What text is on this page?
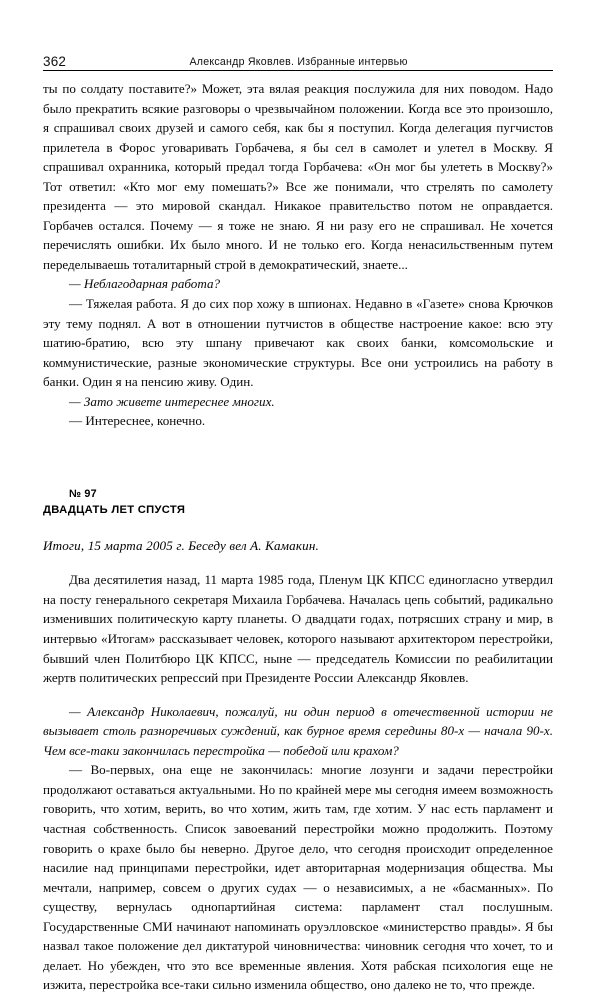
362	Александр Яковлев. Избранные интервью

ты по солдату поставите?» Может, эта вялая реакция послужила для них поводом. Надо было прекратить всякие разговоры о чрезвычайном положении. Когда все это произошло, я спрашивал своих друзей и самого себя, как бы я поступил. Когда делегация пугчистов прилетела в Форос уговаривать Горбачева, я бы сел в самолет и улетел в Москву. Я спрашивал охранника, который предал тогда Горбачева: «Он мог бы улететь в Москву?» Тот ответил: «Кто мог ему помешать?» Все же понимали, что стрелять по самолету президента — это мировой скандал. Никакое правительство потом не оправдается. Горбачев остался. Почему — я тоже не знаю. Я ни разу его не спрашивал. Не хочется перечислять ошибки. Их было много. И не только его. Когда ненасильственным путем переделываешь тоталитарный строй в демократический, знаете...

— Неблагодарная работа?

— Тяжелая работа. Я до сих пор хожу в шпионах. Недавно в «Газете» снова Крючков эту тему поднял. А вот в отношении путчистов в обществе настроение какое: всю эту шатию-братию, всю эту шпану привечают как своих банки, комсомольские и коммунистические, разные экономические структуры. Все они устроились на работу в банки. Один я на пенсию живу. Один.

— Зато живете интереснее многих.

— Интереснее, конечно.

№ 97
ДВАДЦАТЬ ЛЕТ СПУСТЯ
Итоги, 15 марта 2005 г. Беседу вел А. Камакин.

Два десятилетия назад, 11 марта 1985 года, Пленум ЦК КПСС единогласно утвердил на посту генерального секретаря Михаила Горбачева. Началась цепь событий, радикально изменивших политическую карту планеты. О двадцати годах, потрясших страну и мир, в интервью «Итогам» рассказывает человек, которого называют архитектором перестройки, бывший член Политбюро ЦК КПСС, ныне — председатель Комиссии по реабилитации жертв политических репрессий при Президенте России Александр Яковлев.

— Александр Николаевич, пожалуй, ни один период в отечественной истории не вызывает столь разноречивых суждений, как бурное время середины 80-х — начала 90-х. Чем все-таки закончилась перестройка — победой или крахом?

— Во-первых, она еще не закончилась: многие лозунги и задачи перестройки продолжают оставаться актуальными. Но по крайней мере мы сегодня имеем возможность говорить, что хотим, верить, во что хотим, жить там, где хотим. У нас есть парламент и частная собственность. Список завоеваний перестройки можно продолжить. Поэтому говорить о крахе было бы неверно. Другое дело, что сегодня происходит определенное насилие над принципами перестройки, идет авторитарная модернизация общества. Мы мечтали, например, совсем о других судах — о независимых, а не «басманных». По существу, вернулась однопартийная система: парламент стал послушным. Государственные СМИ начинают напоминать оруэлловское «министерство правды». Я бы назвал такое положение дел диктатурой чиновничества: чиновник сегодня что хочет, то и делает. Но убежден, что это все временные явления. Хотя рабская психология еще не изжита, перестройка все-таки сильно изменила общество, оно далеко не то, что прежде.
